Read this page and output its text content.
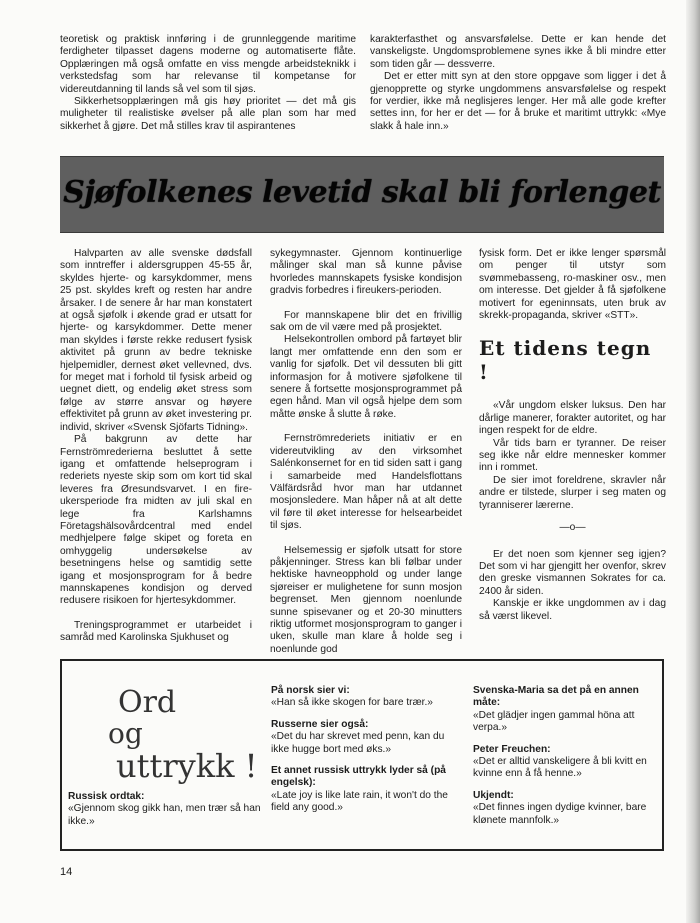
teoretisk og praktisk innføring i de grunnleggende maritime ferdigheter tilpasset dagens moderne og automatiserte flåte. Opplæringen må også omfatte en viss mengde arbeidsteknikk i verkstedsfag som har relevanse til kompetanse for videreutdanning til lands så vel som til sjøs.

Sikkerhetsopplæringen må gis høy prioritet — det må gis muligheter til realistiske øvelser på alle plan som har med sikkerhet å gjøre. Det må stilles krav til aspirantenes

karakterfasthet og ansvarsfølelse. Dette er kan hende det vanskeligste. Ungdomsproblemene synes ikke å bli mindre etter som tiden går — dessverre.

Det er etter mitt syn at den store oppgave som ligger i det å gjenopprette og styrke ungdommens ansvarsfølelse og respekt for verdier, ikke må neglisjeres lenger. Her må alle gode krefter settes inn, for her er det — for å bruke et maritimt uttrykk: «Mye slakk å hale inn.»

Sjøfolkenes levetid skal bli forlenget

Halvparten av alle svenske dødsfall som inntreffer i aldersgruppen 45-55 år, skyldes hjerte- og karsykdommer, mens 25 pst. skyldes kreft og resten har andre årsaker. I de senere år har man konstatert at også sjøfolk i økende grad er utsatt for hjerte- og karsykdommer. Dette mener man skyldes i første rekke redusert fysisk aktivitet på grunn av bedre tekniske hjelpemidler, dernest øket vellevned, dvs. for meget mat i forhold til fysisk arbeid og uegnet diett, og endelig øket stress som følge av større ansvar og høyere effektivitet på grunn av øket investering pr. individ, skriver «Svensk Sjöfarts Tidning».

På bakgrunn av dette har Fernströmrederierna besluttet å sette igang et omfattende helseprogram i rederiets nyeste skip som om kort tid skal leveres fra Øresundsvarvet. I en fire-ukersperiode fra midten av juli skal en lege fra Karlshamns Företagshälsovårdcentral med endel medhjelpere følge skipet og foreta en omhyggelig undersøkelse av besetningens helse og samtidig sette igang et mosjonsprogram for å bedre mannskapenes kondisjon og derved redusere risikoen for hjertesykdommer.

Treningsprogrammet er utarbeidet i samråd med Karolinska Sjukhuset og

sykegymnaster. Gjennom kontinuerlige målinger skal man så kunne påvise hvorledes mannskapets fysiske kondisjon gradvis forbedres i fireukers-perioden.

For mannskapene blir det en frivillig sak om de vil være med på prosjektet.

Helsekontrollen ombord på fartøyet blir langt mer omfattende enn den som er vanlig for sjøfolk. Det vil dessuten bli gitt informasjon for å motivere sjøfolkene til senere å fortsette mosjonsprogrammet på egen hånd. Man vil også hjelpe dem som måtte ønske å slutte å røke.

Fernströmrederiets initiativ er en videreutvikling av den virksomhet Salénkonsernet for en tid siden satt i gang i samarbeide med Handelsflottans Välfärdsråd hvor man har utdannet mosjonsledere. Man håper nå at alt dette vil føre til øket interesse for helsearbeidet til sjøs.

Helsemessig er sjøfolk utsatt for store påkjenninger. Stress kan bli følbar under hektiske havneopphold og under lange sjøreiser er mulighetene for sunn mosjon begrenset. Men gjennom noenlunde sunne spisevaner og et 20-30 minutters riktig utformet mosjonsprogram to ganger i uken, skulle man klare å holde seg i noenlunde god

fysisk form. Det er ikke lenger spørsmål om penger til utstyr som svømmebasseng, ro-maskiner osv., men om interesse. Det gjelder å få sjøfolkene motivert for egeninnsats, uten bruk av skrekk-propaganda, skriver «STT».

Et tidens tegn !

«Vår ungdom elsker luksus. Den har dårlige manerer, forakter autoritet, og har ingen respekt for de eldre.

Vår tids barn er tyranner. De reiser seg ikke når eldre mennesker kommer inn i rommet.

De sier imot foreldrene, skravler når andre er tilstede, slurper i seg maten og tyranniserer lærerne.

—o—

Er det noen som kjenner seg igjen? Det som vi har gjengitt her ovenfor, skrev den greske vismannen Sokrates for ca. 2400 år siden.

Kanskje er ikke ungdommen av i dag så værst likevel.

Ord
og
uttrykk !

Russisk ordtak:

«Gjennom skog gikk han, men trær så han ikke.»

På norsk sier vi:

«Han så ikke skogen for bare trær.»

Russerne sier også:

«Det du har skrevet med penn, kan du ikke hugge bort med øks.»

Et annet russisk uttrykk lyder så (på engelsk):

«Late joy is like late rain, it won't do the field any good.»

Svenska-Maria sa det på en annen måte:

«Det glädjer ingen gammal höna att verpa.»

Peter Freuchen:

«Det er alltid vanskeligere å bli kvitt en kvinne enn å få henne.»

Ukjendt:

«Det finnes ingen dydige kvinner, bare klønete mannfolk.»

14
